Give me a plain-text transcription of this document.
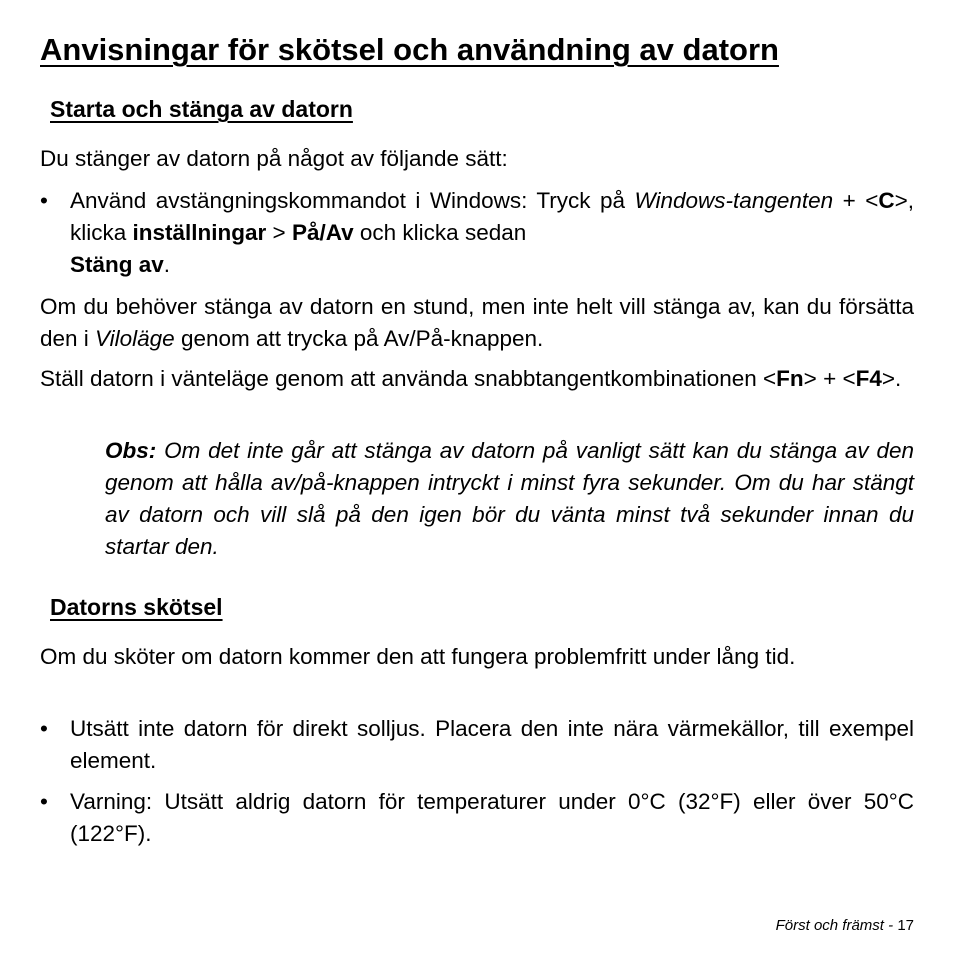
Anvisningar för skötsel och användning av datorn
Starta och stänga av datorn

Du stänger av datorn på något av följande sätt:

• Använd avstängningskommandot i Windows: Tryck på Windows-tangenten + <C>, klicka inställningar > På/Av och klicka sedan
Stäng av.

Om du behöver stänga av datorn en stund, men inte helt vill stänga av, kan du försätta den i Viloläge genom att trycka på Av/På-knappen.

Ställ datorn i vänteläge genom att använda snabbtangentkombinationen <Fn> + <F4>.

Obs: Om det inte går att stänga av datorn på vanligt sätt kan du stänga av den genom att hålla av/på-knappen intryckt i minst fyra sekunder. Om du har stängt av datorn och vill slå på den igen bör du vänta minst två sekunder innan du startar den.

Datorns skötsel

Om du sköter om datorn kommer den att fungera problemfritt under lång tid.

• Utsätt inte datorn för direkt solljus. Placera den inte nära värmekällor, till exempel element.
• Varning: Utsätt aldrig datorn för temperaturer under 0°C (32°F) eller över 50°C (122°F).
Först och främst - 17
